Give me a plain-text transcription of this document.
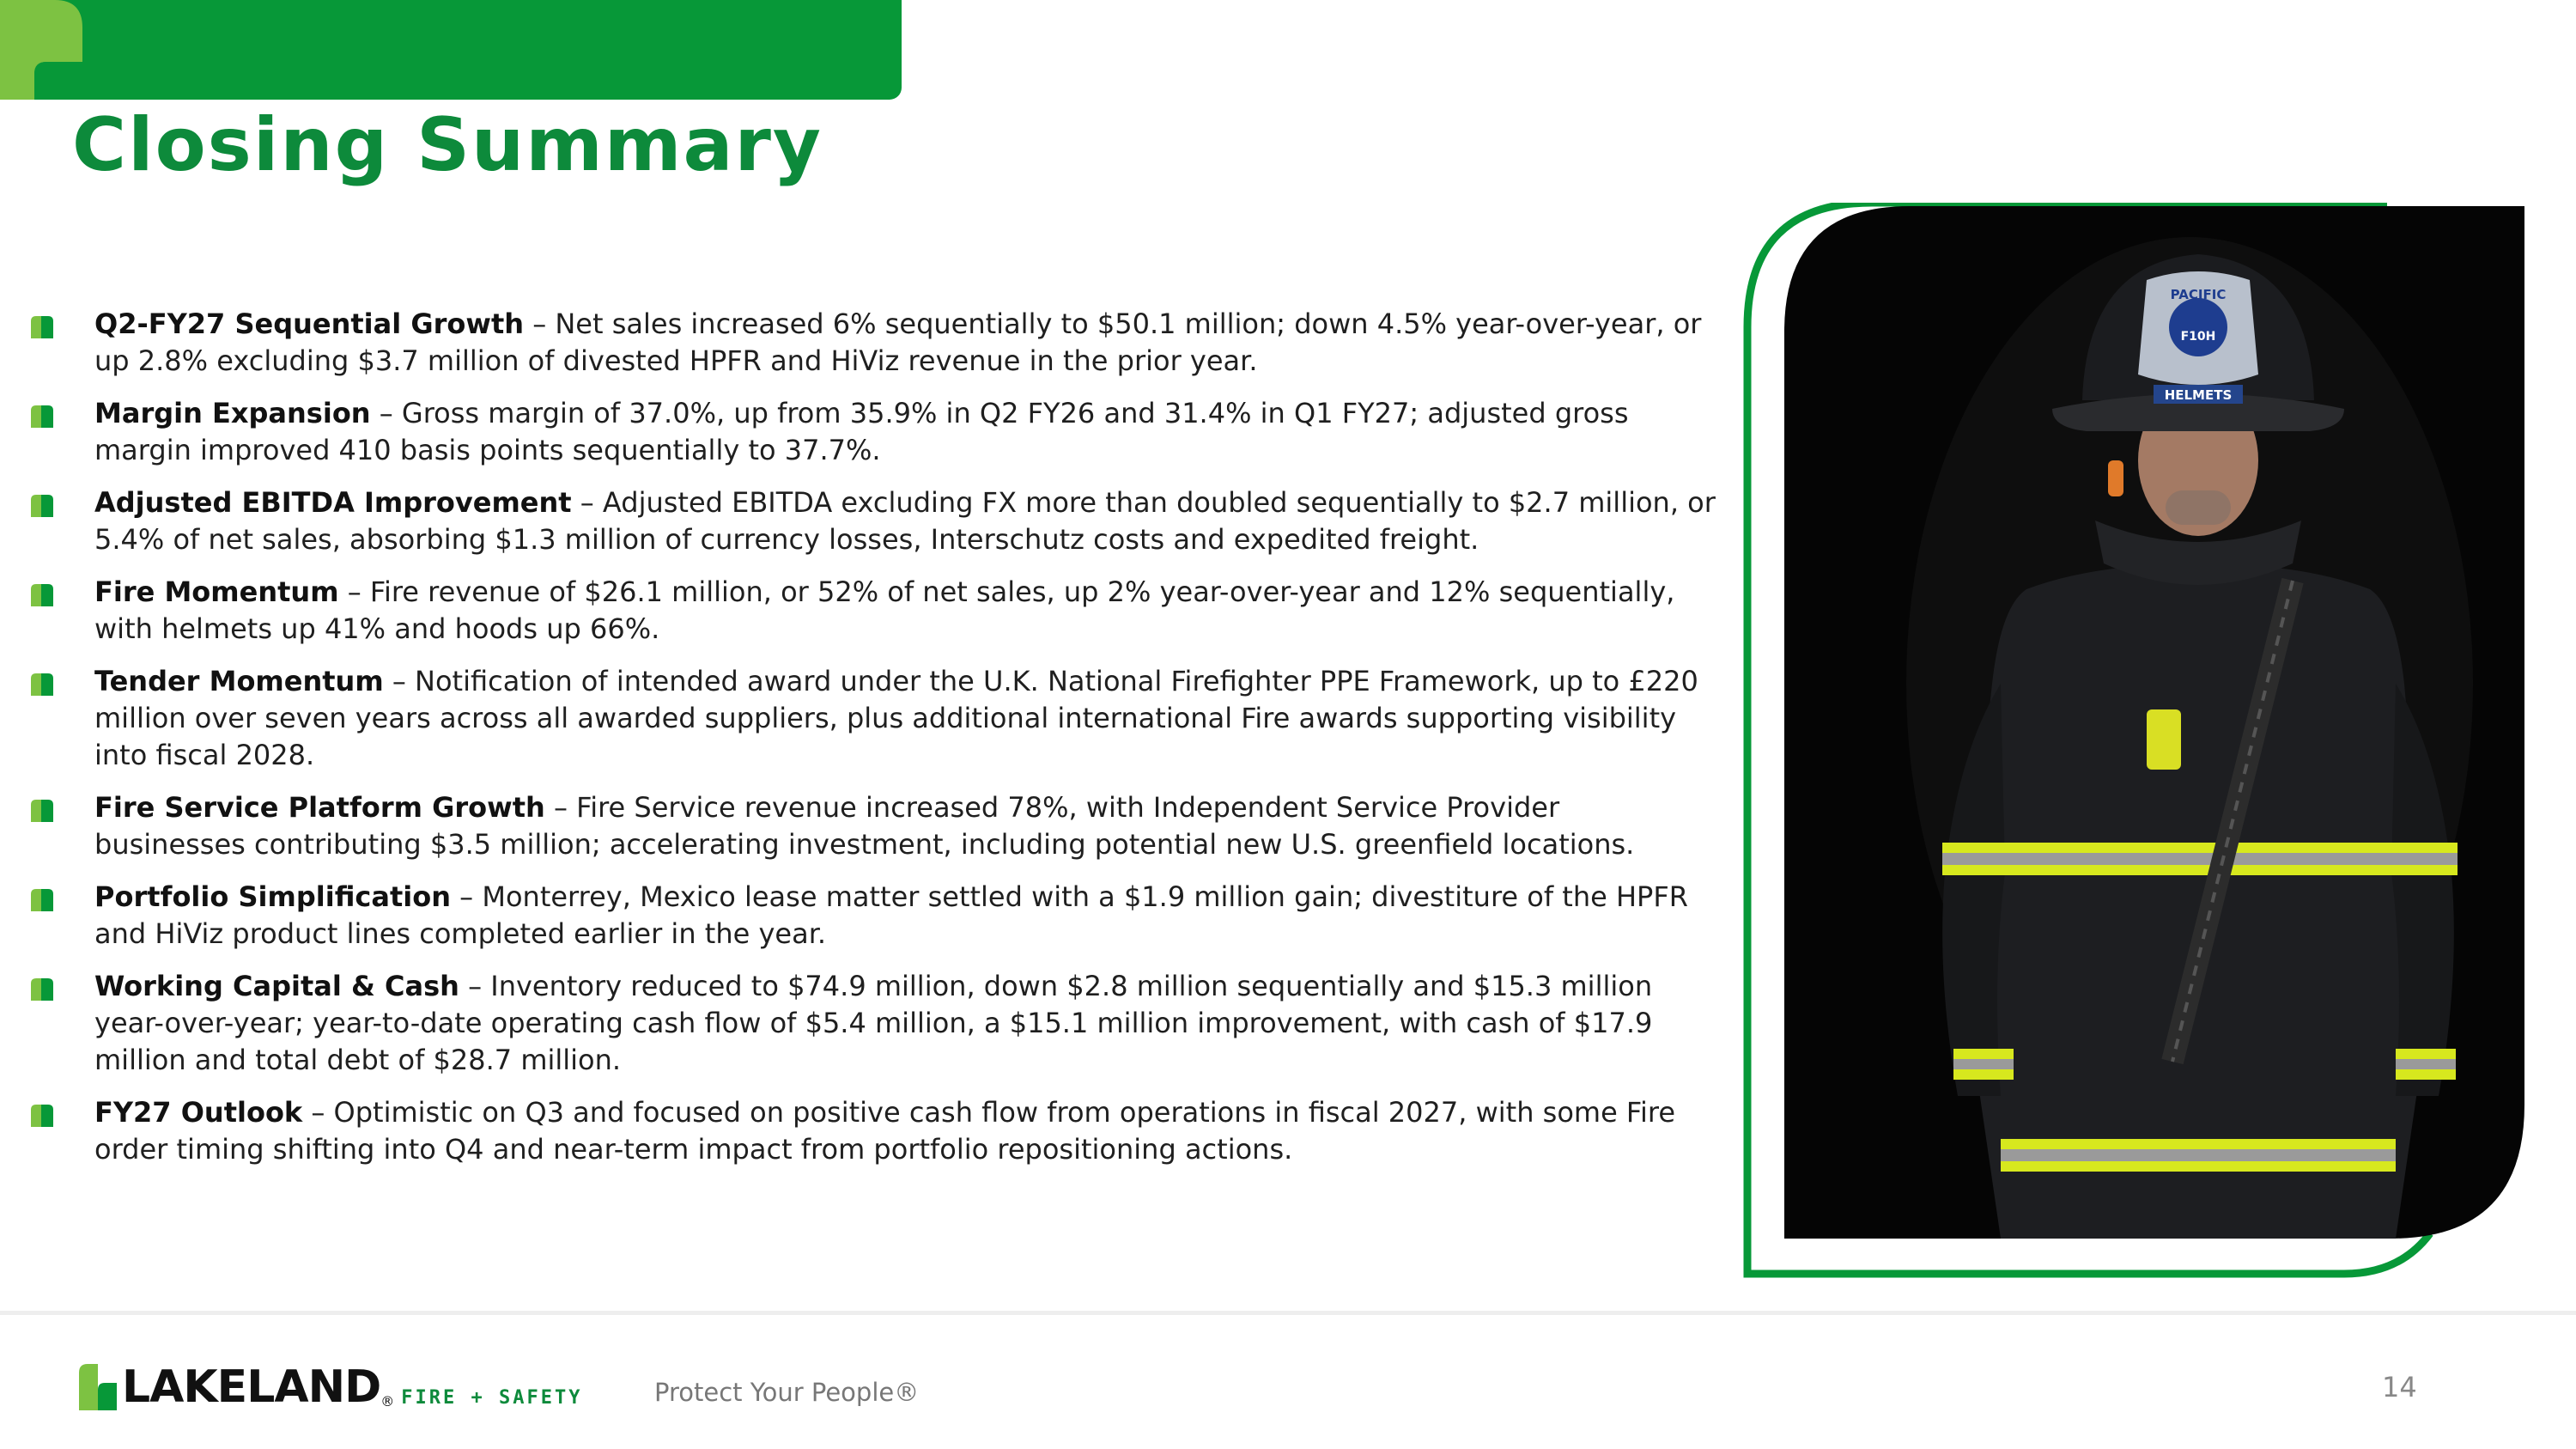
Closing Summary
Q2-FY27 Sequential Growth – Net sales increased 6% sequentially to $50.1 million; down 4.5% year-over-year, or up 2.8% excluding $3.7 million of divested HPFR and HiViz revenue in the prior year.
Margin Expansion – Gross margin of 37.0%, up from 35.9% in Q2 FY26 and 31.4% in Q1 FY27; adjusted gross margin improved 410 basis points sequentially to 37.7%.
Adjusted EBITDA Improvement – Adjusted EBITDA excluding FX more than doubled sequentially to $2.7 million, or 5.4% of net sales, absorbing $1.3 million of currency losses, Interschutz costs and expedited freight.
Fire Momentum – Fire revenue of $26.1 million, or 52% of net sales, up 2% year-over-year and 12% sequentially, with helmets up 41% and hoods up 66%.
Tender Momentum – Notification of intended award under the U.K. National Firefighter PPE Framework, up to £220 million over seven years across all awarded suppliers, plus additional international Fire awards supporting visibility into fiscal 2028.
Fire Service Platform Growth – Fire Service revenue increased 78%, with Independent Service Provider businesses contributing $3.5 million; accelerating investment, including potential new U.S. greenfield locations.
Portfolio Simplification – Monterrey, Mexico lease matter settled with a $1.9 million gain; divestiture of the HPFR and HiViz product lines completed earlier in the year.
Working Capital & Cash – Inventory reduced to $74.9 million, down $2.8 million sequentially and $15.3 million year-over-year; year-to-date operating cash flow of $5.4 million, a $15.1 million improvement, with cash of $17.9 million and total debt of $28.7 million.
FY27 Outlook – Optimistic on Q3 and focused on positive cash flow from operations in fiscal 2027, with some Fire order timing shifting into Q4 and near-term impact from portfolio repositioning actions.
PACIFIC
F10H
HELMETS
LAKELAND ® FIRE + SAFETY	Protect Your People®	14
